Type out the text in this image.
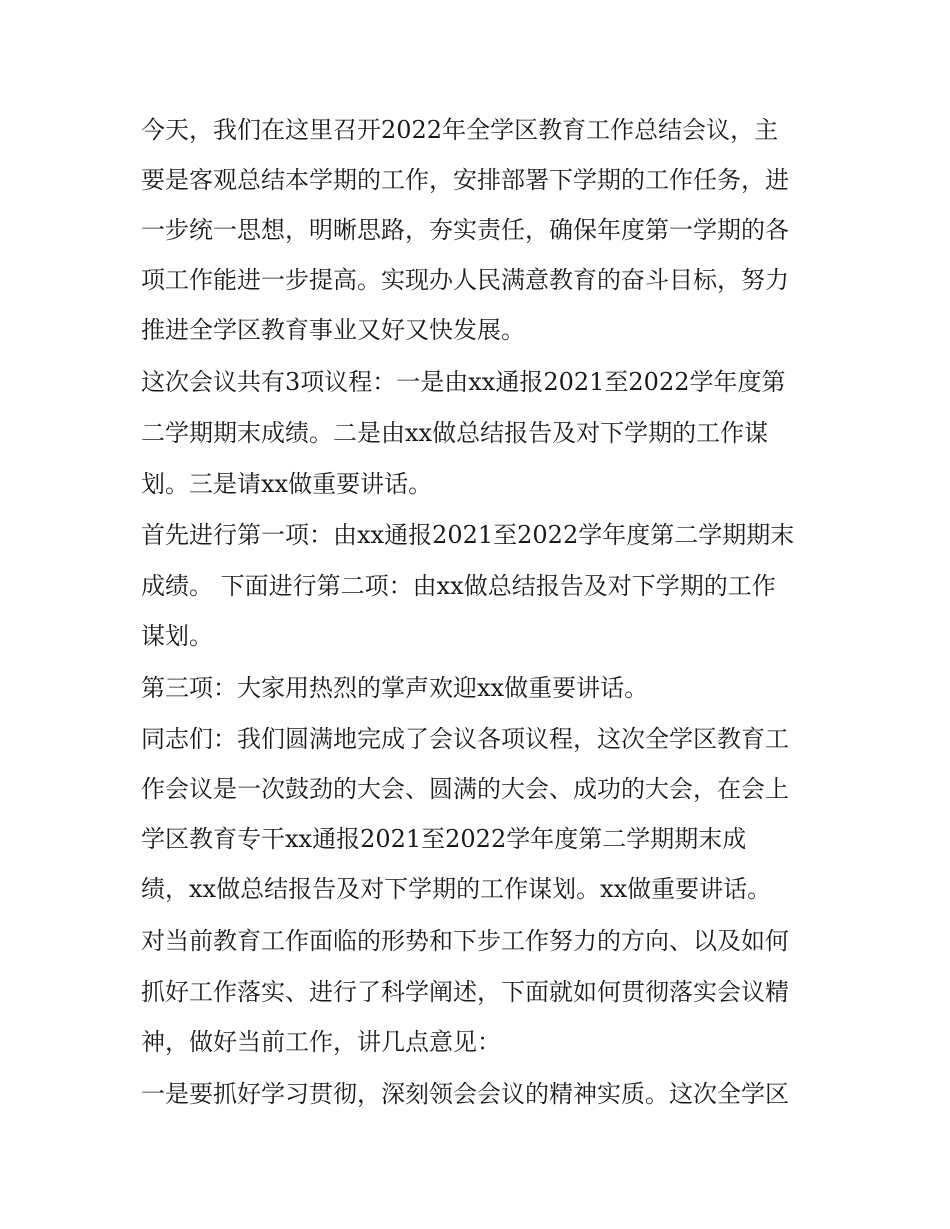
今天，我们在这里召开2022年全学区教育工作总结会议，主

要是客观总结本学期的工作，安排部署下学期的工作任务，进

一步统一思想，明晰思路，夯实责任，确保年度第一学期的各

项工作能进一步提高。实现办人民满意教育的奋斗目标，努力

推进全学区教育事业又好又快发展。

这次会议共有3项议程：一是由xx通报2021至2022学年度第

二学期期末成绩。二是由xx做总结报告及对下学期的工作谋

划。三是请xx做重要讲话。

首先进行第一项：由xx通报2021至2022学年度第二学期期末

成绩。 下面进行第二项：由xx做总结报告及对下学期的工作

谋划。

第三项：大家用热烈的掌声欢迎xx做重要讲话。

同志们：我们圆满地完成了会议各项议程，这次全学区教育工

作会议是一次鼓劲的大会、圆满的大会、成功的大会，在会上

学区教育专干xx通报2021至2022学年度第二学期期末成

绩，xx做总结报告及对下学期的工作谋划。xx做重要讲话。

对当前教育工作面临的形势和下步工作努力的方向、以及如何

抓好工作落实、进行了科学阐述，下面就如何贯彻落实会议精

神，做好当前工作，讲几点意见：

一是要抓好学习贯彻，深刻领会会议的精神实质。这次全学区
